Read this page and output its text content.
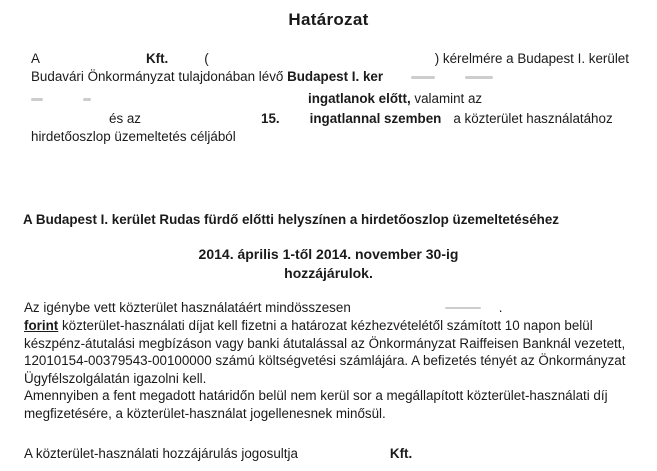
Határozat
A	Kft.	(	) kérelmére a Budapest I. kerület
Budavári Önkormányzat tulajdonában lévő Budapest I. ker
ingatlanok előtt, valamint az
és az	15. ingatlannal szemben a közterület használatához
hirdetőoszlop üzemeltetés céljából
A Budapest I. kerület Rudas fürdő előtti helyszínen a hirdetőoszlop üzemeltetéséhez
2014. április 1-től 2014. november 30-ig
hozzájárulok.
Az igénybe vett közterület használatáért mindösszesen	.
forint közterület-használati díjat kell fizetni a határozat kézhezvételétől számított 10 napon belül
készpénz-átutalási megbízáson vagy banki átutalással az Önkormányzat Raiffeisen Banknál vezetett,
12010154-00379543-00100000 számú költségvetési számlájára. A befizetés tényét az Önkormányzat
Ügyfélszolgálatán igazolni kell.
Amennyiben a fent megadott határidőn belül nem kerül sor a megállapított közterület-használati díj
megfizetésére, a közterület-használat jogellenesnek minősül.
A közterület-használati hozzájárulás jogosultja	Kft.
